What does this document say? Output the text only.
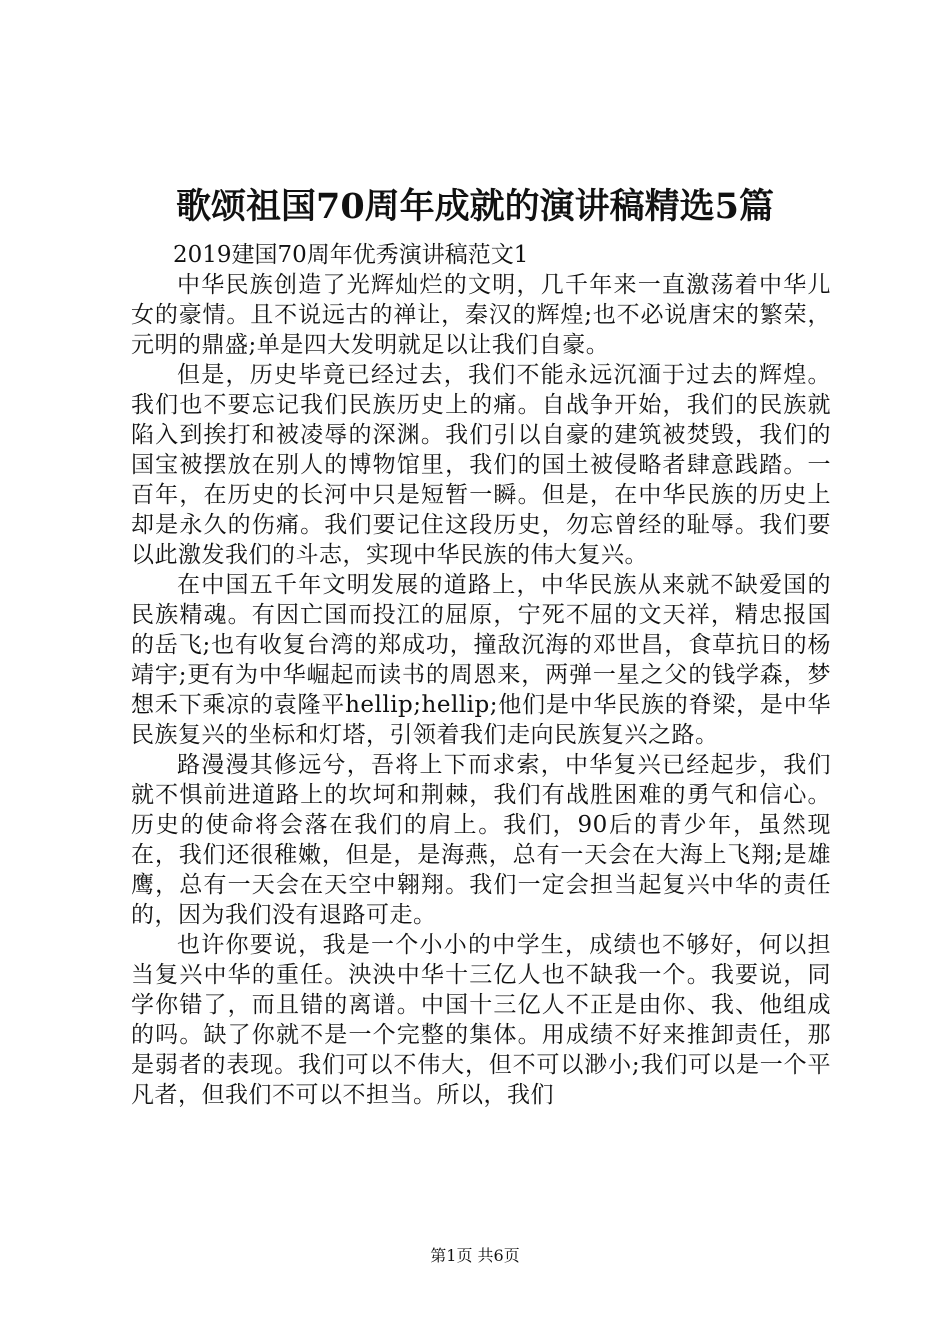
歌颂祖国70周年成就的演讲稿精选5篇

2019建国70周年优秀演讲稿范文1

中华民族创造了光辉灿烂的文明，几千年来一直激荡着中华儿女的豪情。且不说远古的禅让，秦汉的辉煌;也不必说唐宋的繁荣，元明的鼎盛;单是四大发明就足以让我们自豪。

但是，历史毕竟已经过去，我们不能永远沉湎于过去的辉煌。我们也不要忘记我们民族历史上的痛。自战争开始，我们的民族就陷入到挨打和被凌辱的深渊。我们引以自豪的建筑被焚毁，我们的国宝被摆放在别人的博物馆里，我们的国土被侵略者肆意践踏。一百年，在历史的长河中只是短暂一瞬。但是，在中华民族的历史上却是永久的伤痛。我们要记住这段历史，勿忘曾经的耻辱。我们要以此激发我们的斗志，实现中华民族的伟大复兴。

在中国五千年文明发展的道路上，中华民族从来就不缺爱国的民族精魂。有因亡国而投江的屈原，宁死不屈的文天祥，精忠报国的岳飞;也有收复台湾的郑成功，撞敌沉海的邓世昌，食草抗日的杨靖宇;更有为中华崛起而读书的周恩来，两弹一星之父的钱学森，梦想禾下乘凉的袁隆平hellip;hellip;他们是中华民族的脊梁，是中华民族复兴的坐标和灯塔，引领着我们走向民族复兴之路。

路漫漫其修远兮，吾将上下而求索，中华复兴已经起步，我们就不惧前进道路上的坎坷和荆棘，我们有战胜困难的勇气和信心。历史的使命将会落在我们的肩上。我们，90后的青少年，虽然现在，我们还很稚嫩，但是，是海燕，总有一天会在大海上飞翔;是雄鹰，总有一天会在天空中翱翔。我们一定会担当起复兴中华的责任的，因为我们没有退路可走。

也许你要说，我是一个小小的中学生，成绩也不够好，何以担当复兴中华的重任。泱泱中华十三亿人也不缺我一个。我要说，同学你错了，而且错的离谱。中国十三亿人不正是由你、我、他组成的吗。缺了你就不是一个完整的集体。用成绩不好来推卸责任，那是弱者的表现。我们可以不伟大，但不可以渺小;我们可以是一个平凡者，但我们不可以不担当。所以，我们

第1页 共6页
